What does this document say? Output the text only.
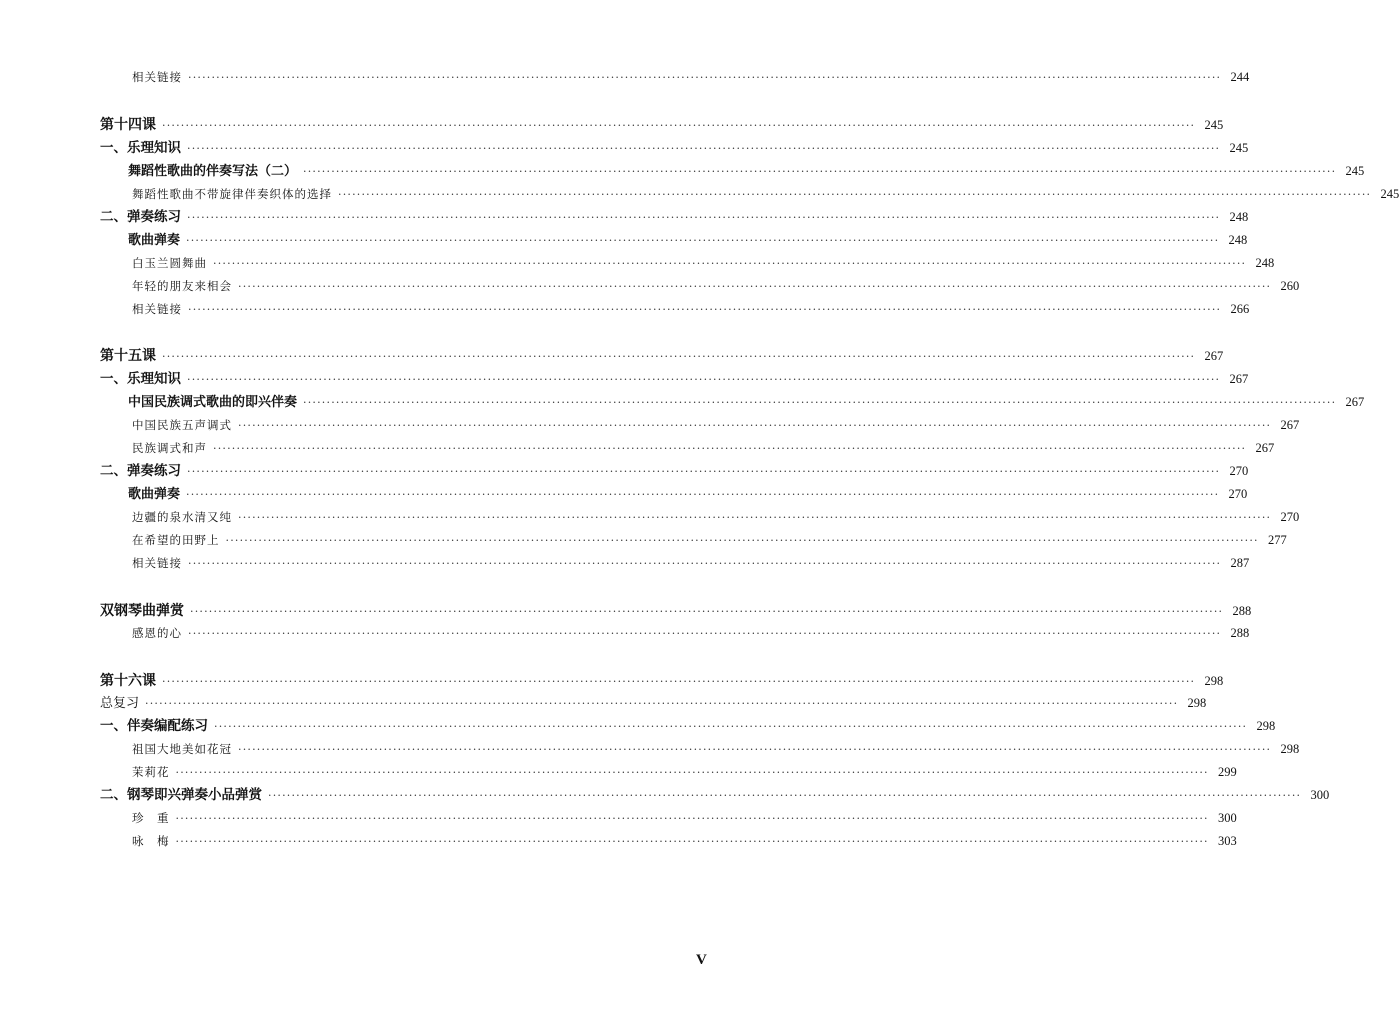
相关链接 ···························································································································································································································· 244
第十四课 ···························································································································································································································· 245
一、乐理知识 ···························································································································································································································· 245
舞蹈性歌曲的伴奏写法（二） ···························································································································································································································· 245
舞蹈性歌曲不带旋律伴奏织体的选择 ···························································································································································································································· 245
二、弹奏练习 ···························································································································································································································· 248
歌曲弹奏 ···························································································································································································································· 248
白玉兰圆舞曲 ···························································································································································································································· 248
年轻的朋友来相会 ···························································································································································································································· 260
相关链接 ···························································································································································································································· 266
第十五课 ···························································································································································································································· 267
一、乐理知识 ···························································································································································································································· 267
中国民族调式歌曲的即兴伴奏 ···························································································································································································································· 267
中国民族五声调式 ···························································································································································································································· 267
民族调式和声 ···························································································································································································································· 267
二、弹奏练习 ···························································································································································································································· 270
歌曲弹奏 ···························································································································································································································· 270
边疆的泉水清又纯 ···························································································································································································································· 270
在希望的田野上 ···························································································································································································································· 277
相关链接 ···························································································································································································································· 287
双钢琴曲弹赏 ···························································································································································································································· 288
感恩的心 ···························································································································································································································· 288
第十六课 ···························································································································································································································· 298
总复习 ···························································································································································································································· 298
一、伴奏编配练习 ···························································································································································································································· 298
祖国大地美如花冠 ···························································································································································································································· 298
茉莉花 ···························································································································································································································· 299
二、钢琴即兴弹奏小品弹赏 ···························································································································································································································· 300
珍　重 ···························································································································································································································· 300
咏　梅 ···························································································································································································································· 303
V
